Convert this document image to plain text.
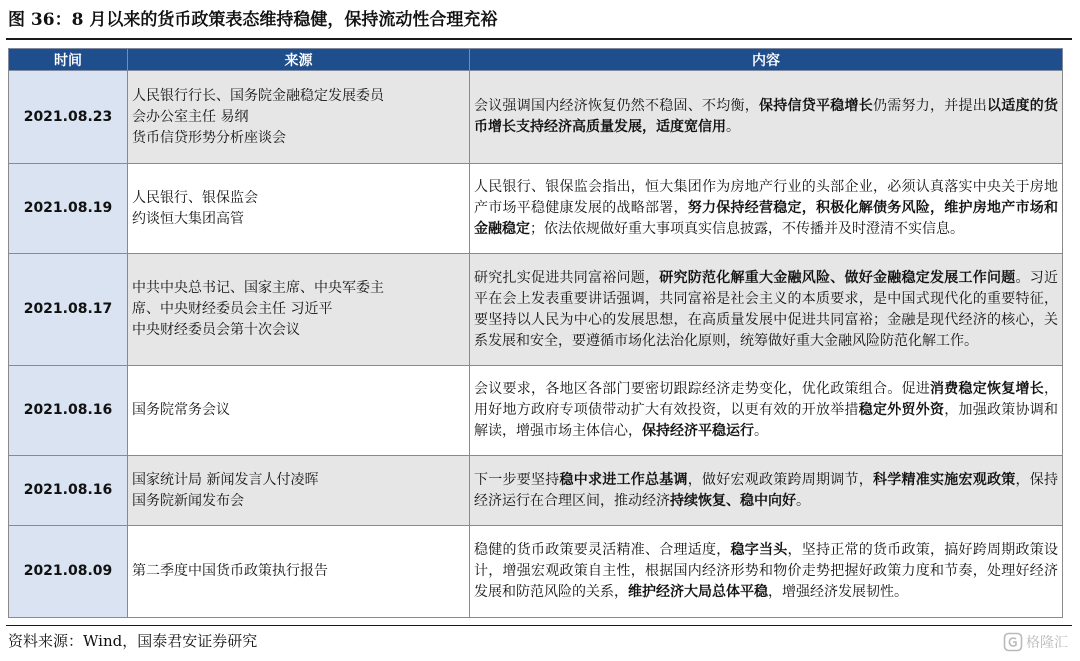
图 36：8 月以来的货币政策表态维持稳健，保持流动性合理充裕
时间	来源	内容
2021.08.23	人民银行行长、国务院金融稳定发展委员
会办公室主任 易纲
货币信贷形势分析座谈会	会议强调国内经济恢复仍然不稳固、不均衡，保持信贷平稳增长仍需努力，并提出以适度的货币增长支持经济高质量发展，适度宽信用。
2021.08.19	人民银行、银保监会
约谈恒大集团高管	人民银行、银保监会指出，恒大集团作为房地产行业的头部企业，必须认真落实中央关于房地产市场平稳健康发展的战略部署，努力保持经营稳定，积极化解债务风险，维护房地产市场和金融稳定；依法依规做好重大事项真实信息披露，不传播并及时澄清不实信息。
2021.08.17	中共中央总书记、国家主席、中央军委主
席、中央财经委员会主任 习近平
中央财经委员会第十次会议	研究扎实促进共同富裕问题，研究防范化解重大金融风险、做好金融稳定发展工作问题。习近平在会上发表重要讲话强调，共同富裕是社会主义的本质要求，是中国式现代化的重要特征，要坚持以人民为中心的发展思想，在高质量发展中促进共同富裕；金融是现代经济的核心，关系发展和安全，要遵循市场化法治化原则，统筹做好重大金融风险防范化解工作。
2021.08.16	国务院常务会议	会议要求，各地区各部门要密切跟踪经济走势变化，优化政策组合。促进消费稳定恢复增长，用好地方政府专项债带动扩大有效投资，以更有效的开放举措稳定外贸外资，加强政策协调和解读，增强市场主体信心，保持经济平稳运行。
2021.08.16	国家统计局 新闻发言人付凌晖
国务院新闻发布会	下一步要坚持稳中求进工作总基调，做好宏观政策跨周期调节，科学精准实施宏观政策，保持经济运行在合理区间，推动经济持续恢复、稳中向好。
2021.08.09	第二季度中国货币政策执行报告	稳健的货币政策要灵活精准、合理适度，稳字当头，坚持正常的货币政策，搞好跨周期政策设计，增强宏观政策自主性，根据国内经济形势和物价走势把握好政策力度和节奏，处理好经济发展和防范风险的关系，维护经济大局总体平稳，增强经济发展韧性。
资料来源：Wind，国泰君安证券研究	格隆汇
